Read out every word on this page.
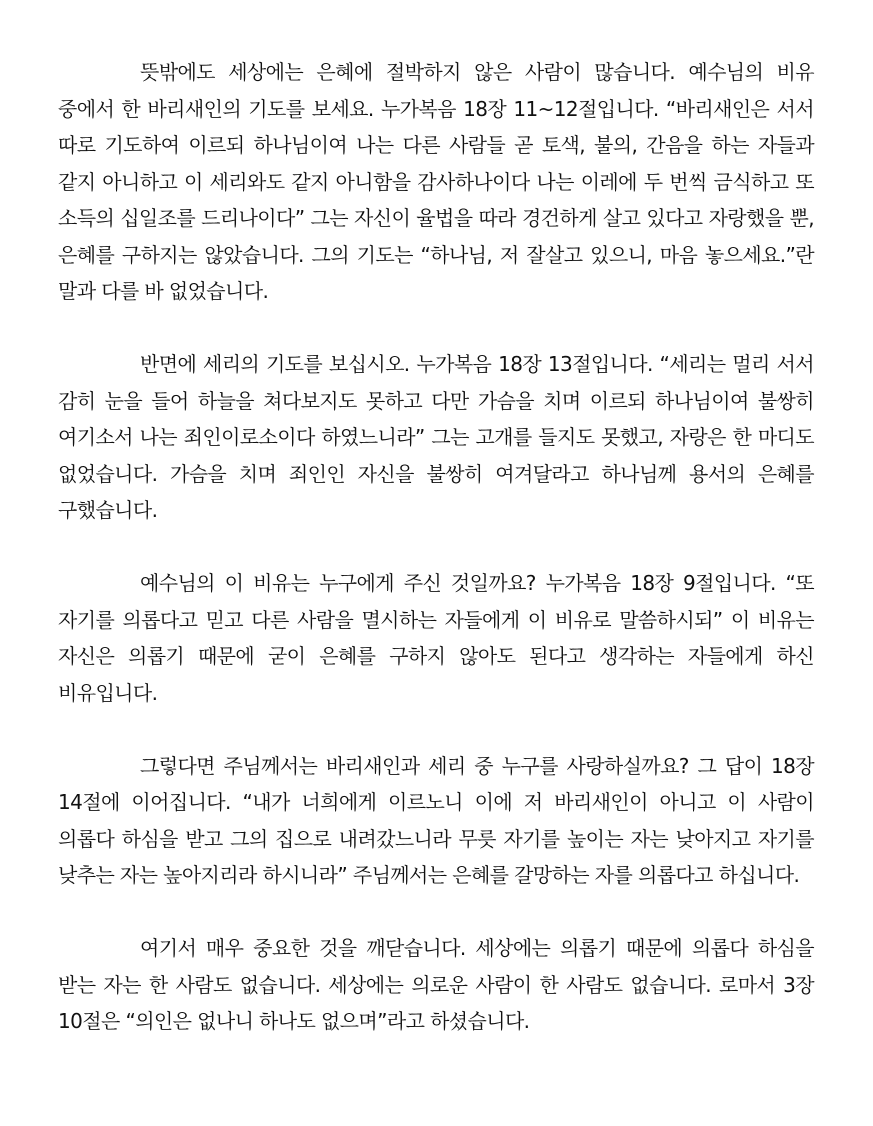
뜻밖에도 세상에는 은혜에 절박하지 않은 사람이 많습니다. 예수님의 비유 중에서 한 바리새인의 기도를 보세요. 누가복음 18장 11~12절입니다. “바리새인은 서서 따로 기도하여 이르되 하나님이여 나는 다른 사람들 곧 토색, 불의, 간음을 하는 자들과 같지 아니하고 이 세리와도 같지 아니함을 감사하나이다 나는 이레에 두 번씩 금식하고 또 소득의 십일조를 드리나이다” 그는 자신이 율법을 따라 경건하게 살고 있다고 자랑했을 뿐, 은혜를 구하지는 않았습니다. 그의 기도는 “하나님, 저 잘살고 있으니, 마음 놓으세요.”란 말과 다를 바 없었습니다.

반면에 세리의 기도를 보십시오. 누가복음 18장 13절입니다. “세리는 멀리 서서 감히 눈을 들어 하늘을 쳐다보지도 못하고 다만 가슴을 치며 이르되 하나님이여 불쌍히 여기소서 나는 죄인이로소이다 하였느니라” 그는 고개를 들지도 못했고, 자랑은 한 마디도 없었습니다. 가슴을 치며 죄인인 자신을 불쌍히 여겨달라고 하나님께 용서의 은혜를 구했습니다.

예수님의 이 비유는 누구에게 주신 것일까요? 누가복음 18장 9절입니다. “또 자기를 의롭다고 믿고 다른 사람을 멸시하는 자들에게 이 비유로 말씀하시되” 이 비유는 자신은 의롭기 때문에 굳이 은혜를 구하지 않아도 된다고 생각하는 자들에게 하신 비유입니다.

그렇다면 주님께서는 바리새인과 세리 중 누구를 사랑하실까요? 그 답이 18장 14절에 이어집니다. “내가 너희에게 이르노니 이에 저 바리새인이 아니고 이 사람이 의롭다 하심을 받고 그의 집으로 내려갔느니라 무릇 자기를 높이는 자는 낮아지고 자기를 낮추는 자는 높아지리라 하시니라” 주님께서는 은혜를 갈망하는 자를 의롭다고 하십니다.

여기서 매우 중요한 것을 깨닫습니다. 세상에는 의롭기 때문에 의롭다 하심을 받는 자는 한 사람도 없습니다. 세상에는 의로운 사람이 한 사람도 없습니다. 로마서 3장 10절은 “의인은 없나니 하나도 없으며”라고 하셨습니다.
